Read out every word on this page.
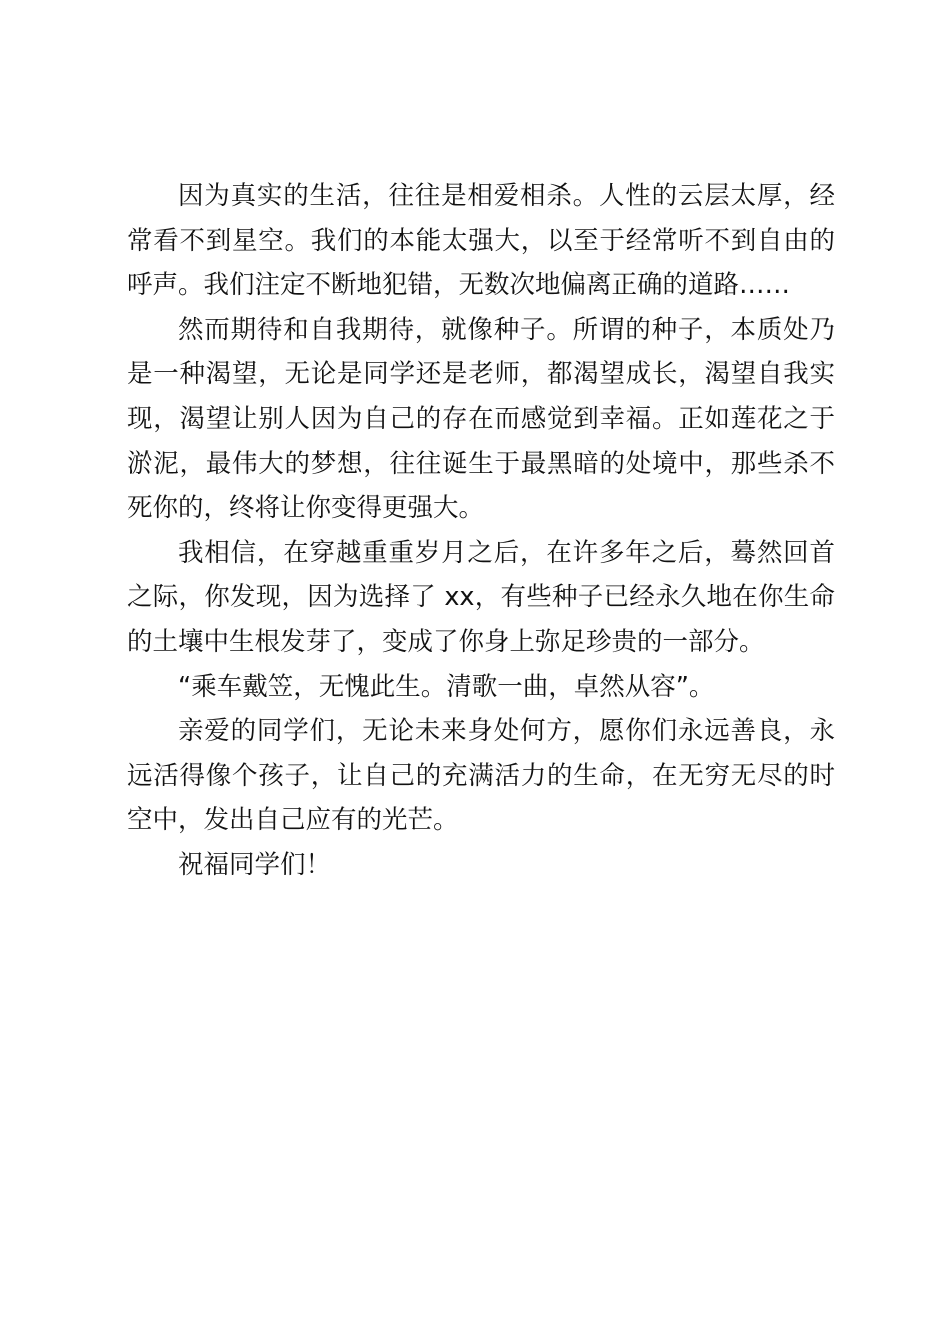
因为真实的生活，往往是相爱相杀。人性的云层太厚，经常看不到星空。我们的本能太强大，以至于经常听不到自由的呼声。我们注定不断地犯错，无数次地偏离正确的道路……

然而期待和自我期待，就像种子。所谓的种子，本质处乃是一种渴望，无论是同学还是老师，都渴望成长，渴望自我实现，渴望让别人因为自己的存在而感觉到幸福。正如莲花之于淤泥，最伟大的梦想，往往诞生于最黑暗的处境中，那些杀不死你的，终将让你变得更强大。

我相信，在穿越重重岁月之后，在许多年之后，蓦然回首之际，你发现，因为选择了 xx，有些种子已经永久地在你生命的土壤中生根发芽了，变成了你身上弥足珍贵的一部分。

“乘车戴笠，无愧此生。清歌一曲，卓然从容”。

亲爱的同学们，无论未来身处何方，愿你们永远善良，永远活得像个孩子，让自己的充满活力的生命，在无穷无尽的时空中，发出自己应有的光芒。

祝福同学们！
